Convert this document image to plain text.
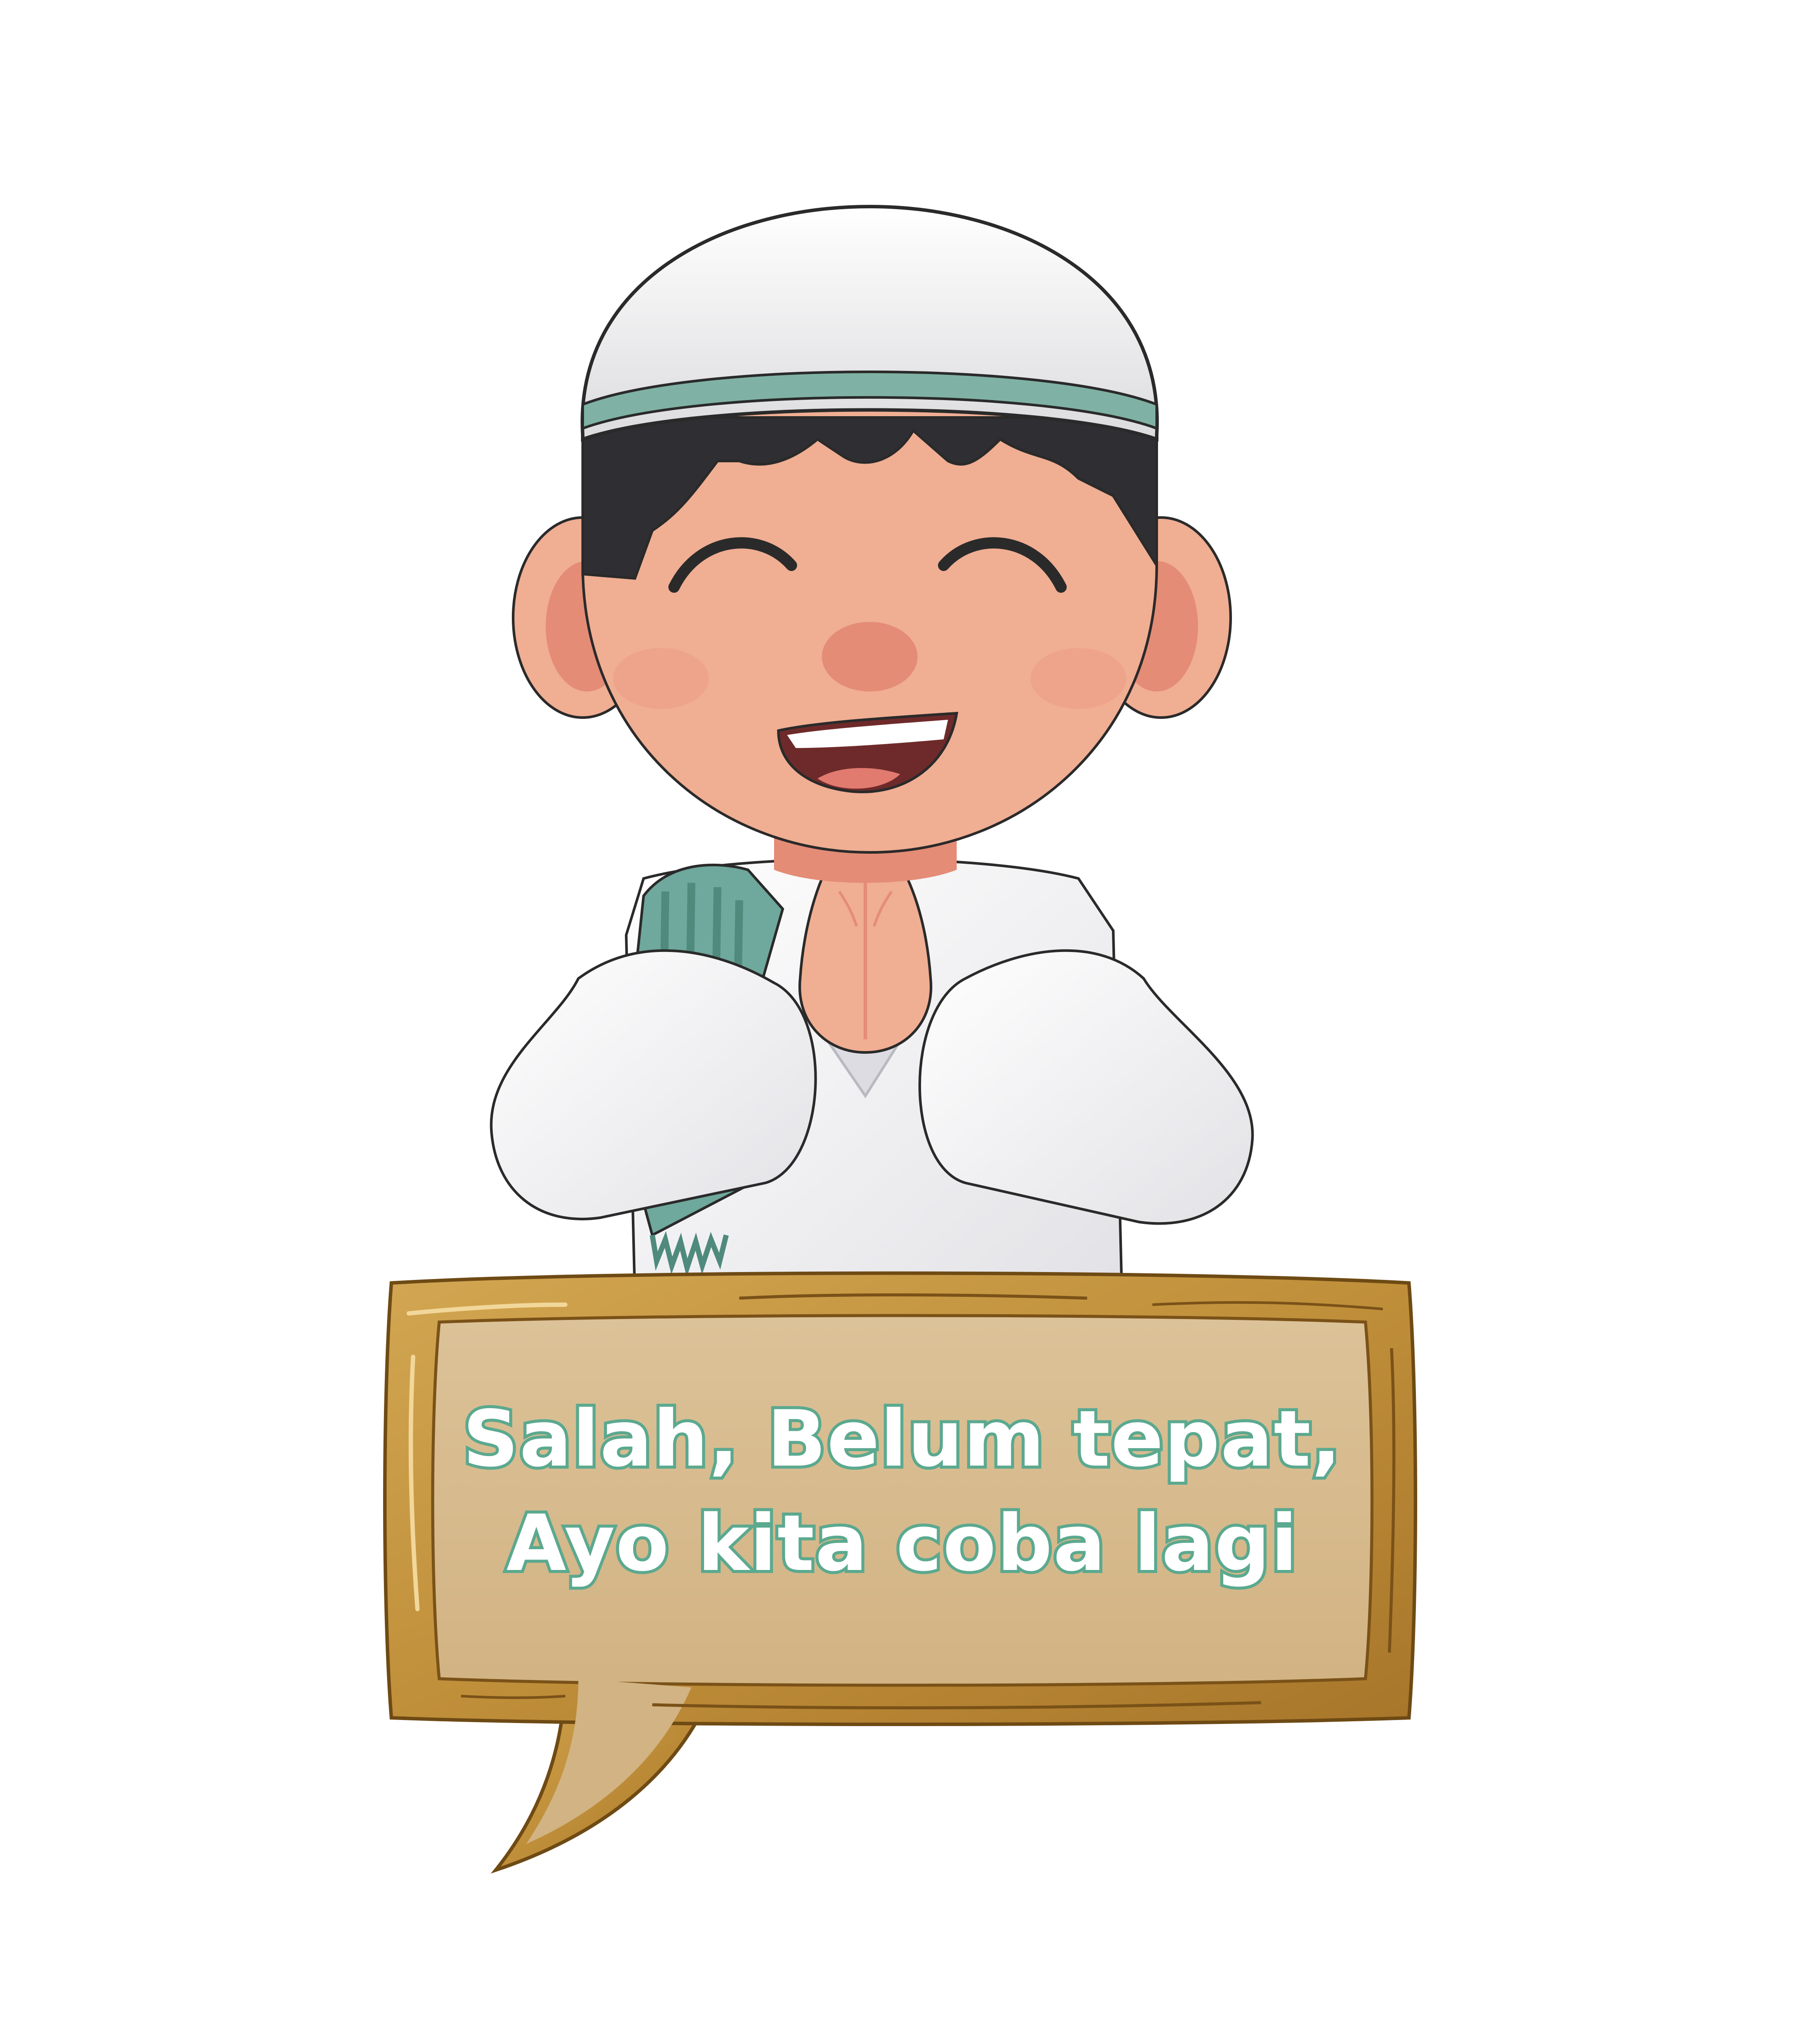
Salah, Belum tepat,
Ayo kita coba lagi
